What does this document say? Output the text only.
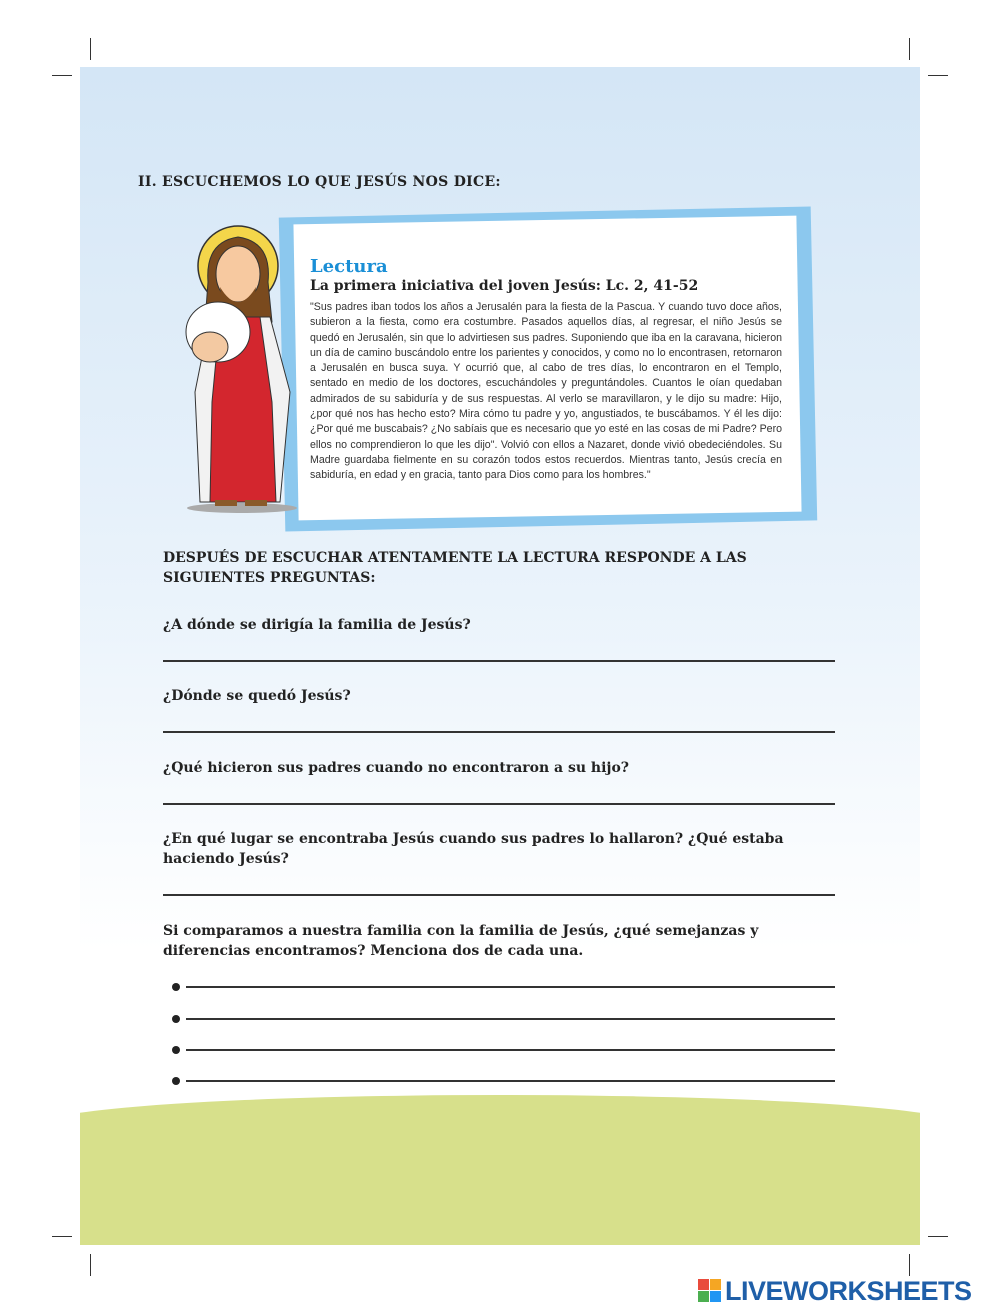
II. ESCUCHEMOS LO QUE JESÚS NOS DICE:
Lectura
La primera iniciativa del joven Jesús: Lc. 2, 41-52
"Sus padres iban todos los años a Jerusalén para la fiesta de la Pascua. Y cuando tuvo doce años, subieron a la fiesta, como era costumbre. Pasados aquellos días, al regresar, el niño Jesús se quedó en Jerusalén, sin que lo advirtiesen sus padres. Suponiendo que iba en la caravana, hicieron un día de camino buscándolo entre los parientes y conocidos, y como no lo encontrasen, retornaron a Jerusalén en busca suya. Y ocurrió que, al cabo de tres días, lo encontraron en el Templo, sentado en medio de los doctores, escuchándoles y preguntándoles. Cuantos le oían quedaban admirados de su sabiduría y de sus respuestas. Al verlo se maravillaron, y le dijo su madre: Hijo, ¿por qué nos has hecho esto? Mira cómo tu padre y yo, angustiados, te buscábamos. Y él les dijo: ¿Por qué me buscabais? ¿No sabíais que es necesario que yo esté en las cosas de mi Padre? Pero ellos no comprendieron lo que les dijo". Volvió con ellos a Nazaret, donde vivió obedeciéndoles. Su Madre guardaba fielmente en su corazón todos estos recuerdos. Mientras tanto, Jesús crecía en sabiduría, en edad y en gracia, tanto para Dios como para los hombres."
DESPUÉS DE ESCUCHAR ATENTAMENTE LA LECTURA RESPONDE A LAS SIGUIENTES PREGUNTAS:
¿A dónde se dirigía la familia de Jesús?
¿Dónde se quedó Jesús?
¿Qué hicieron sus padres cuando no encontraron a su hijo?
¿En qué lugar se encontraba Jesús cuando sus padres lo hallaron? ¿Qué estaba haciendo Jesús?
Si comparamos a nuestra familia con la familia de Jesús, ¿qué semejanzas y diferencias encontramos? Menciona dos de cada una.
LIVEWORKSHEETS
